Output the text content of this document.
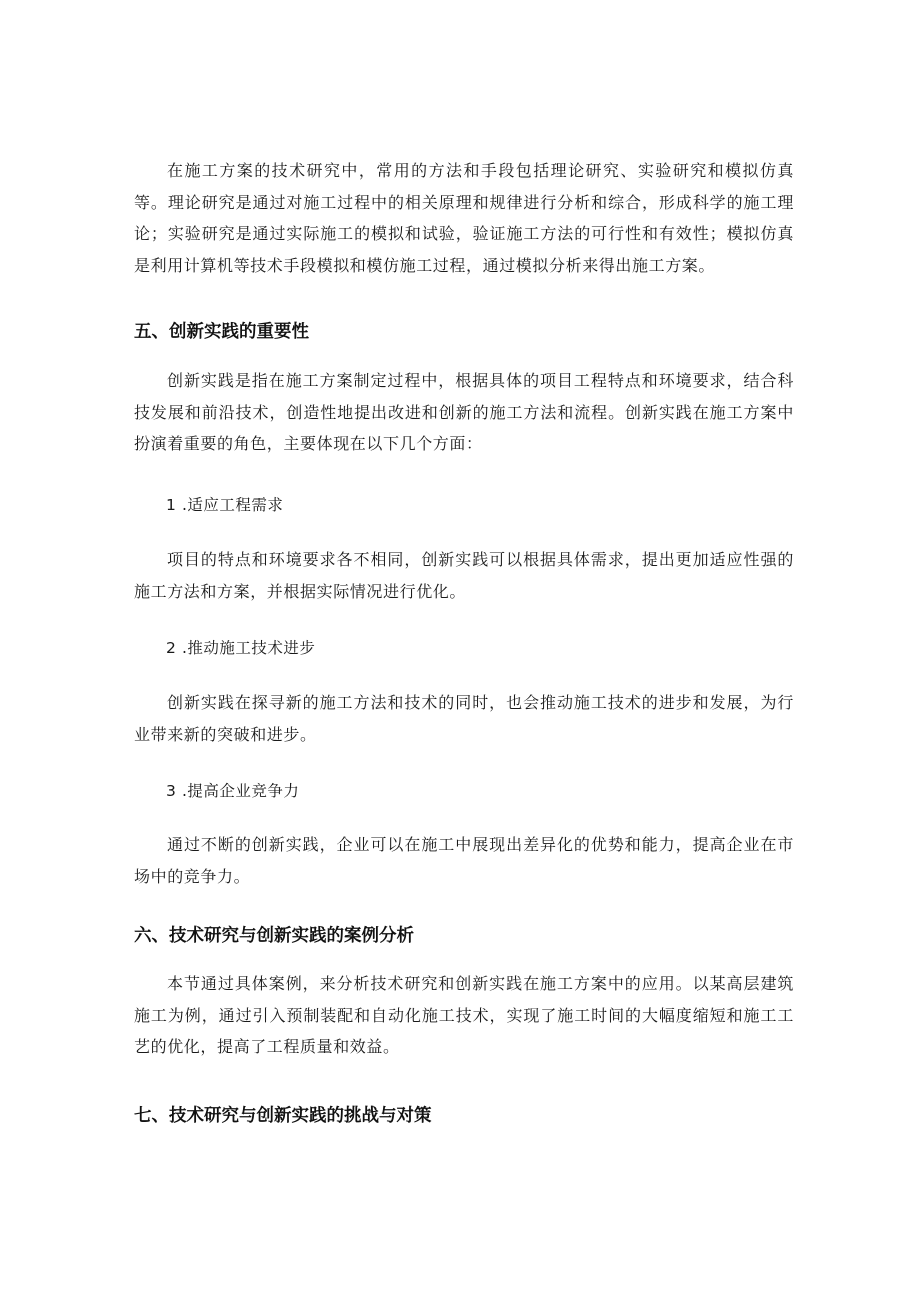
在施工方案的技术研究中，常用的方法和手段包括理论研究、实验研究和模拟仿真等。理论研究是通过对施工过程中的相关原理和规律进行分析和综合，形成科学的施工理论；实验研究是通过实际施工的模拟和试验，验证施工方法的可行性和有效性；模拟仿真是利用计算机等技术手段模拟和模仿施工过程，通过模拟分析来得出施工方案。

五、创新实践的重要性

创新实践是指在施工方案制定过程中，根据具体的项目工程特点和环境要求，结合科技发展和前沿技术，创造性地提出改进和创新的施工方法和流程。创新实践在施工方案中扮演着重要的角色，主要体现在以下几个方面：

1 .适应工程需求

项目的特点和环境要求各不相同，创新实践可以根据具体需求，提出更加适应性强的施工方法和方案，并根据实际情况进行优化。

2 .推动施工技术进步

创新实践在探寻新的施工方法和技术的同时，也会推动施工技术的进步和发展，为行业带来新的突破和进步。

3 .提高企业竞争力

通过不断的创新实践，企业可以在施工中展现出差异化的优势和能力，提高企业在市场中的竞争力。

六、技术研究与创新实践的案例分析

本节通过具体案例，来分析技术研究和创新实践在施工方案中的应用。以某高层建筑施工为例，通过引入预制装配和自动化施工技术，实现了施工时间的大幅度缩短和施工工艺的优化，提高了工程质量和效益。

七、技术研究与创新实践的挑战与对策
